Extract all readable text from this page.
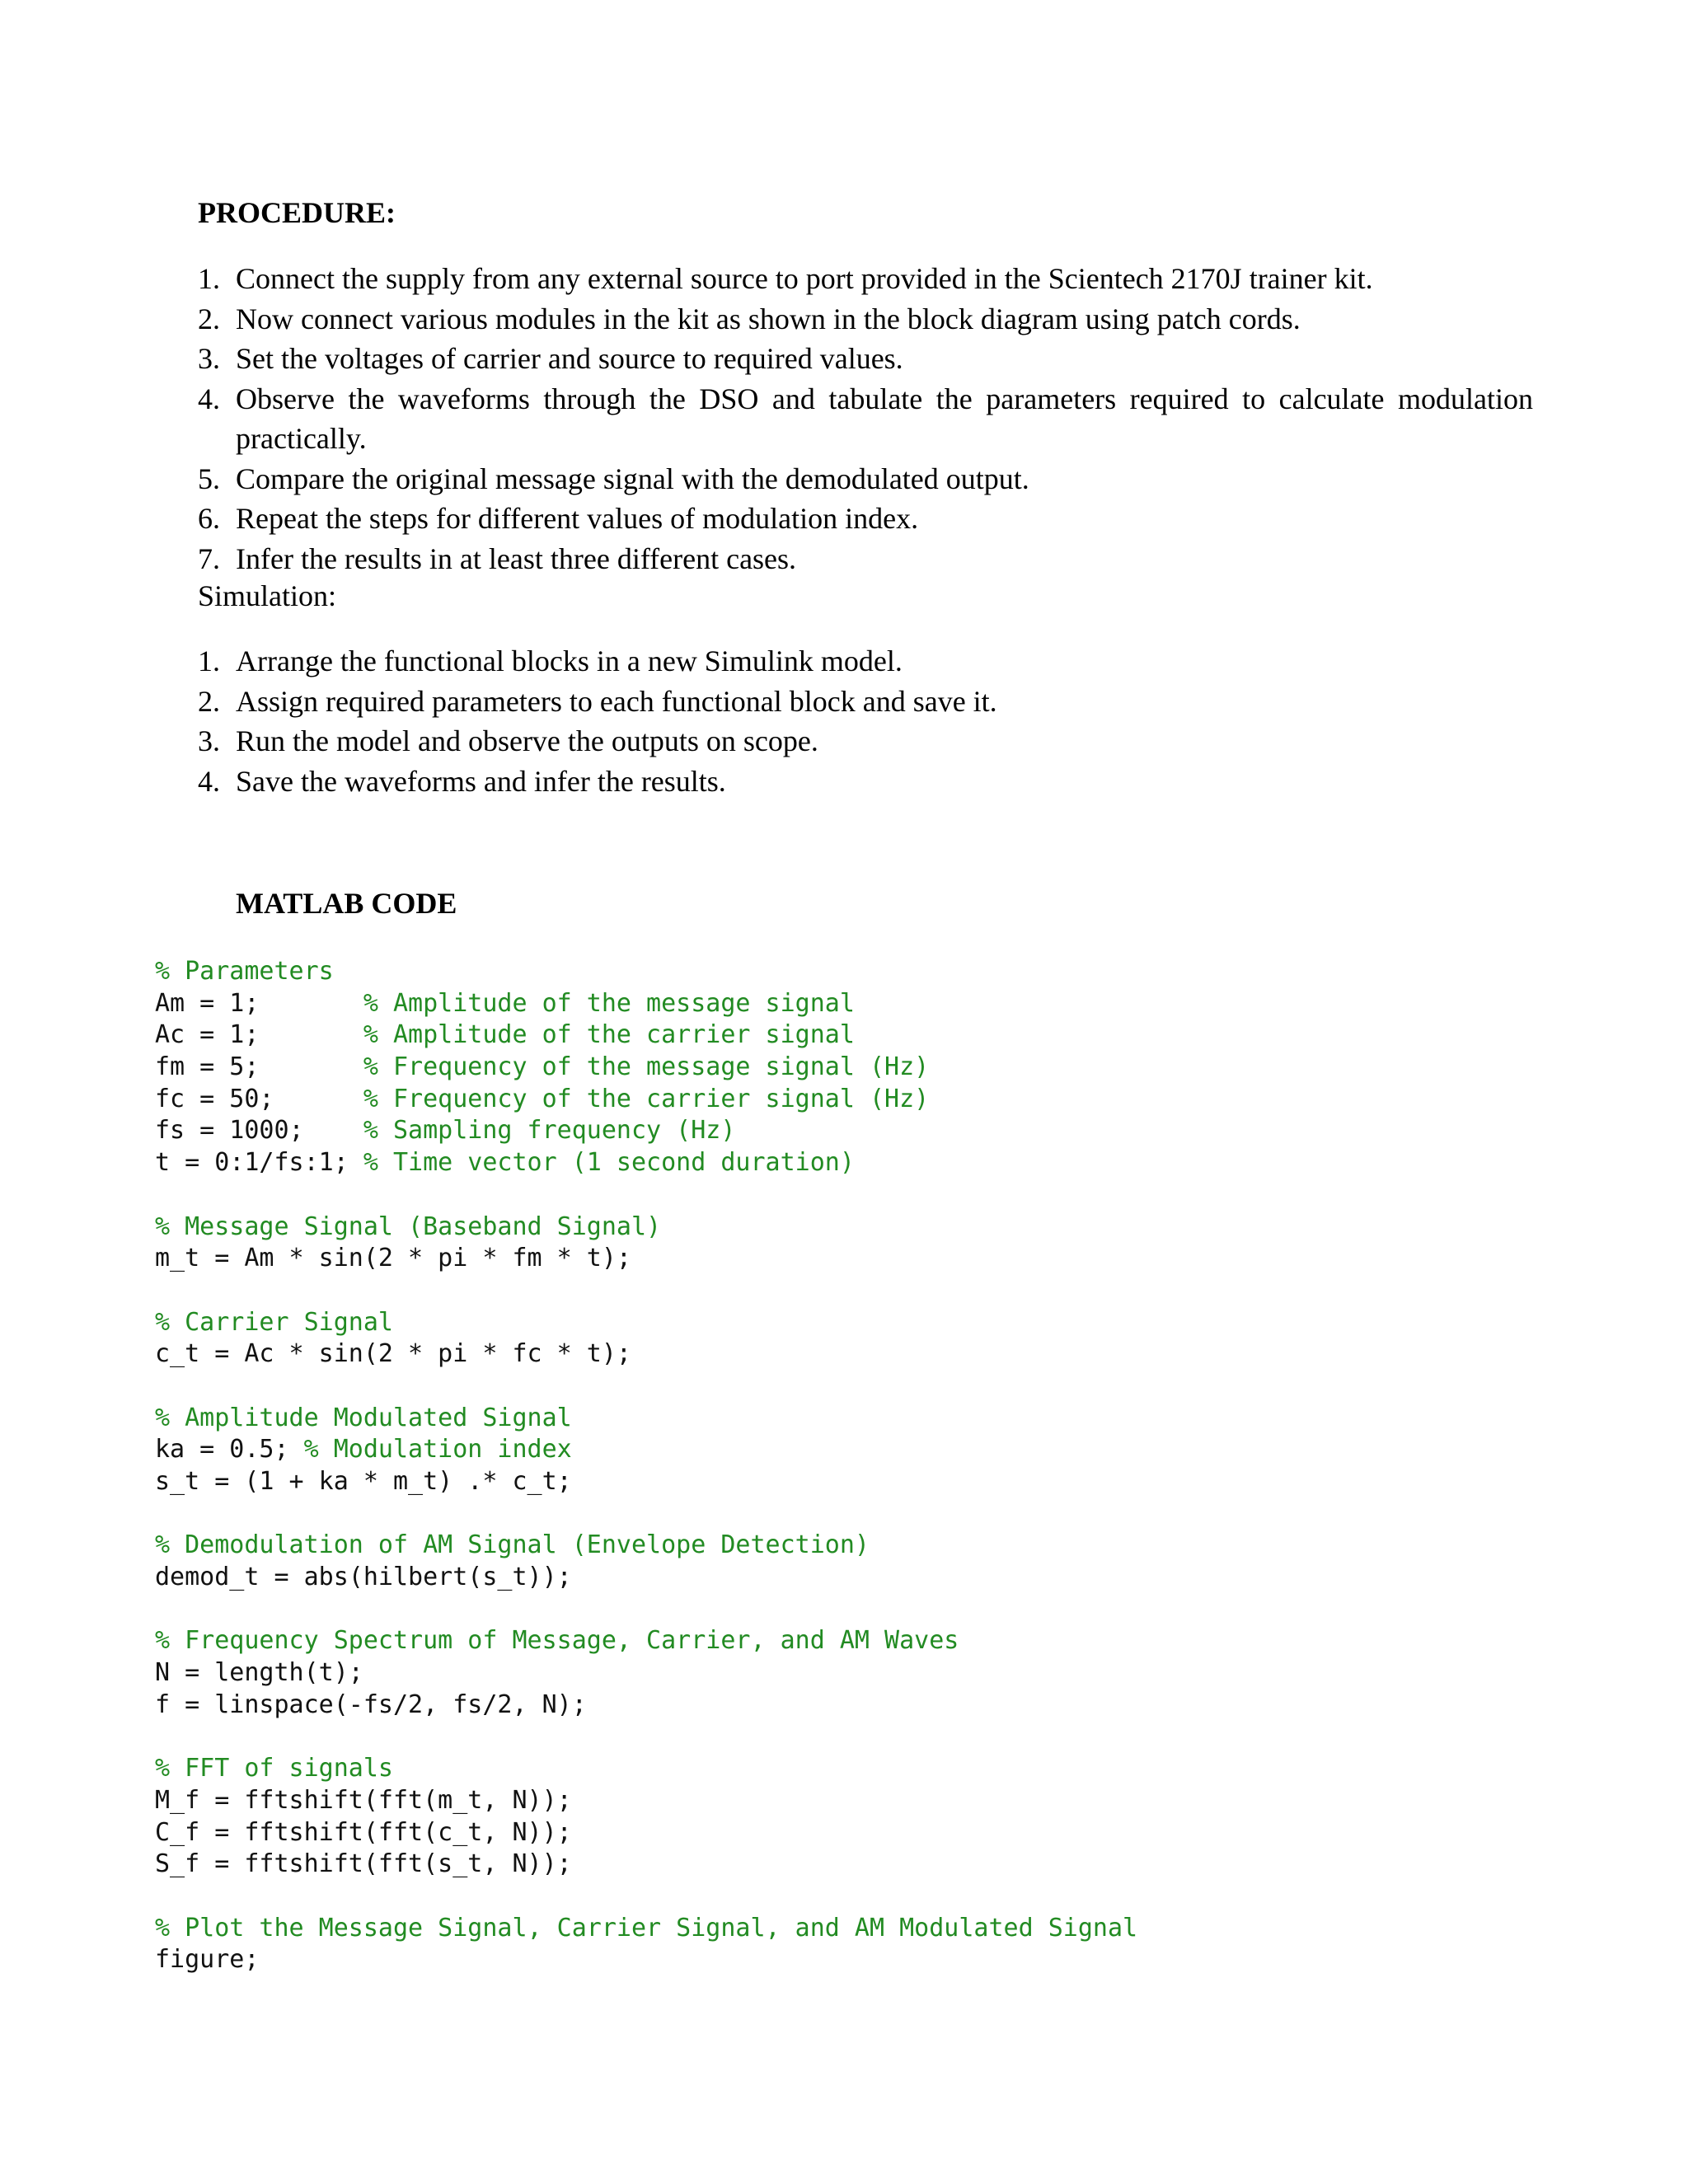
PROCEDURE:
1. Connect the supply from any external source to port provided in the Scientech 2170J trainer kit.
2. Now connect various modules in the kit as shown in the block diagram using patch cords.
3. Set the voltages of carrier and source to required values.
4. Observe the waveforms through the DSO and tabulate the parameters required to calculate modulation practically.
5. Compare the original message signal with the demodulated output.
6. Repeat the steps for different values of modulation index.
7. Infer the results in at least three different cases.

Simulation:

1. Arrange the functional blocks in a new Simulink model.
2. Assign required parameters to each functional block and save it.
3. Run the model and observe the outputs on scope.
4. Save the waveforms and infer the results.
MATLAB CODE
% Parameters
Am = 1;       % Amplitude of the message signal
Ac = 1;       % Amplitude of the carrier signal
fm = 5;       % Frequency of the message signal (Hz)
fc = 50;      % Frequency of the carrier signal (Hz)
fs = 1000;    % Sampling frequency (Hz)
t = 0:1/fs:1; % Time vector (1 second duration)

% Message Signal (Baseband Signal)
m_t = Am * sin(2 * pi * fm * t);

% Carrier Signal
c_t = Ac * sin(2 * pi * fc * t);

% Amplitude Modulated Signal
ka = 0.5; % Modulation index
s_t = (1 + ka * m_t) .* c_t;

% Demodulation of AM Signal (Envelope Detection)
demod_t = abs(hilbert(s_t));

% Frequency Spectrum of Message, Carrier, and AM Waves
N = length(t);
f = linspace(-fs/2, fs/2, N);

% FFT of signals
M_f = fftshift(fft(m_t, N));
C_f = fftshift(fft(c_t, N));
S_f = fftshift(fft(s_t, N));

% Plot the Message Signal, Carrier Signal, and AM Modulated Signal
figure;
